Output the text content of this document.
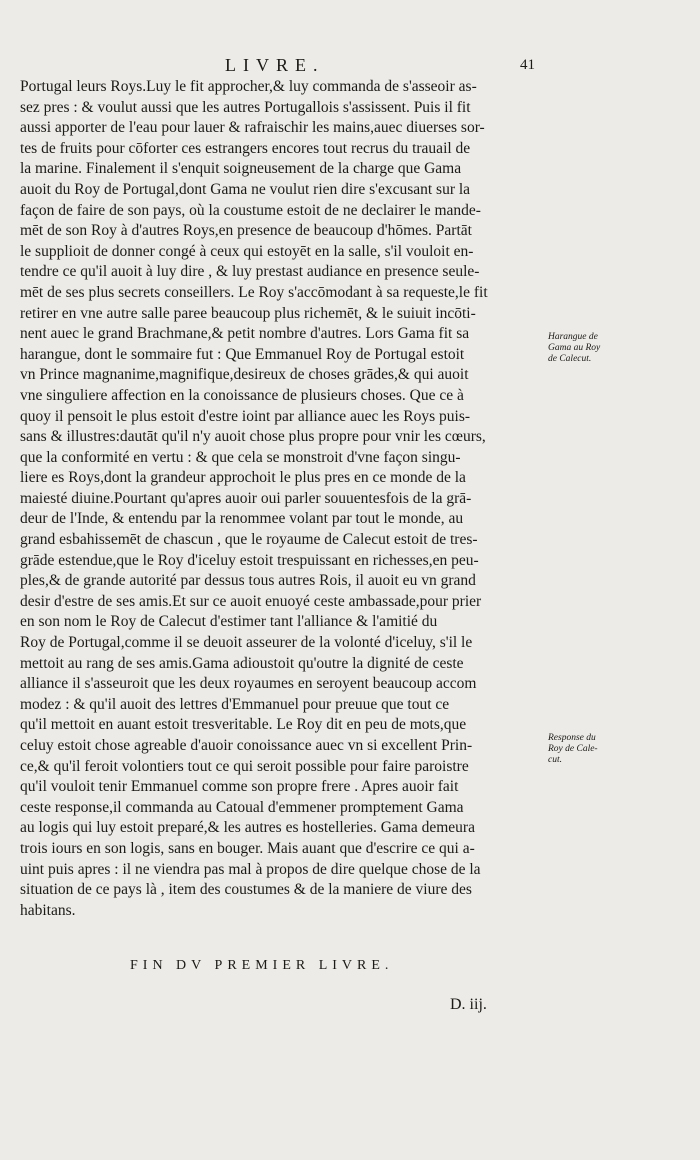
LIVRE.	41
Portugal leurs Roys.Luy le fit approcher,& luy commanda de s'asseoir as-
sez pres : & voulut aussi que les autres Portugallois s'assissent. Puis il fit
aussi apporter de l'eau pour lauer & rafraischir les mains,auec diuerses sor-
tes de fruits pour cōforter ces estrangers encores tout recrus du trauail de
la marine. Finalement il s'enquit soigneusement de la charge que Gama
auoit du Roy de Portugal,dont Gama ne voulut rien dire s'excusant sur la
façon de faire de son pays, où la coustume estoit de ne declairer le mande-
mēt de son Roy à d'autres Roys,en presence de beaucoup d'hōmes. Partāt
le supplioit de donner congé à ceux qui estoyēt en la salle, s'il vouloit en-
tendre ce qu'il auoit à luy dire , & luy prestast audiance en presence seule-
mēt de ses plus secrets conseillers. Le Roy s'accōmodant à sa requeste,le fit
retirer en vne autre salle paree beaucoup plus richemēt, & le suiuit incōti-
nent auec le grand Brachmane,& petit nombre d'autres. Lors Gama fit sa
harangue, dont le sommaire fut : Que Emmanuel Roy de Portugal estoit
vn Prince magnanime,magnifique,desireux de choses grādes,& qui auoit
vne singuliere affection en la conoissance de plusieurs choses. Que ce à
quoy il pensoit le plus estoit d'estre ioint par alliance auec les Roys puis-
sans & illustres:dautāt qu'il n'y auoit chose plus propre pour vnir les cœurs,
que la conformité en vertu : & que cela se monstroit d'vne façon singu-
liere es Roys,dont la grandeur approchoit le plus pres en ce monde de la
maiesté diuine.Pourtant qu'apres auoir oui parler souuentesfois de la grā-
deur de l'Inde, & entendu par la renommee volant par tout le monde, au
grand esbahissemēt de chascun , que le royaume de Calecut estoit de tres-
grāde estendue,que le Roy d'iceluy estoit trespuissant en richesses,en peu-
ples,& de grande autorité par dessus tous autres Rois, il auoit eu vn grand
desir d'estre de ses amis.Et sur ce auoit enuoyé ceste ambassade,pour prier
en son nom le Roy de Calecut d'estimer tant l'alliance & l'amitié du
Roy de Portugal,comme il se deuoit asseurer de la volonté d'iceluy, s'il le
mettoit au rang de ses amis.Gama adioustoit qu'outre la dignité de ceste
alliance il s'asseuroit que les deux royaumes en seroyent beaucoup accom
modez : & qu'il auoit des lettres d'Emmanuel pour preuue que tout ce
qu'il mettoit en auant estoit tresveritable. Le Roy dit en peu de mots,que
celuy estoit chose agreable d'auoir conoissance auec vn si excellent Prin-
ce,& qu'il feroit volontiers tout ce qui seroit possible pour faire paroistre
qu'il vouloit tenir Emmanuel comme son propre frere . Apres auoir fait
ceste response,il commanda au Catoual d'emmener promptement Gama
au logis qui luy estoit preparé,& les autres es hostelleries. Gama demeura
trois iours en son logis, sans en bouger. Mais auant que d'escrire ce qui a-
uint puis apres : il ne viendra pas mal à propos de dire quelque chose de la
situation de ce pays là , item des coustumes & de la maniere de viure des
habitans.
Harangue de
Gama au Roy
de Calecut.
Response du
Roy de Cale-
cut.
FIN DV PREMIER LIVRE.
D. iij.
